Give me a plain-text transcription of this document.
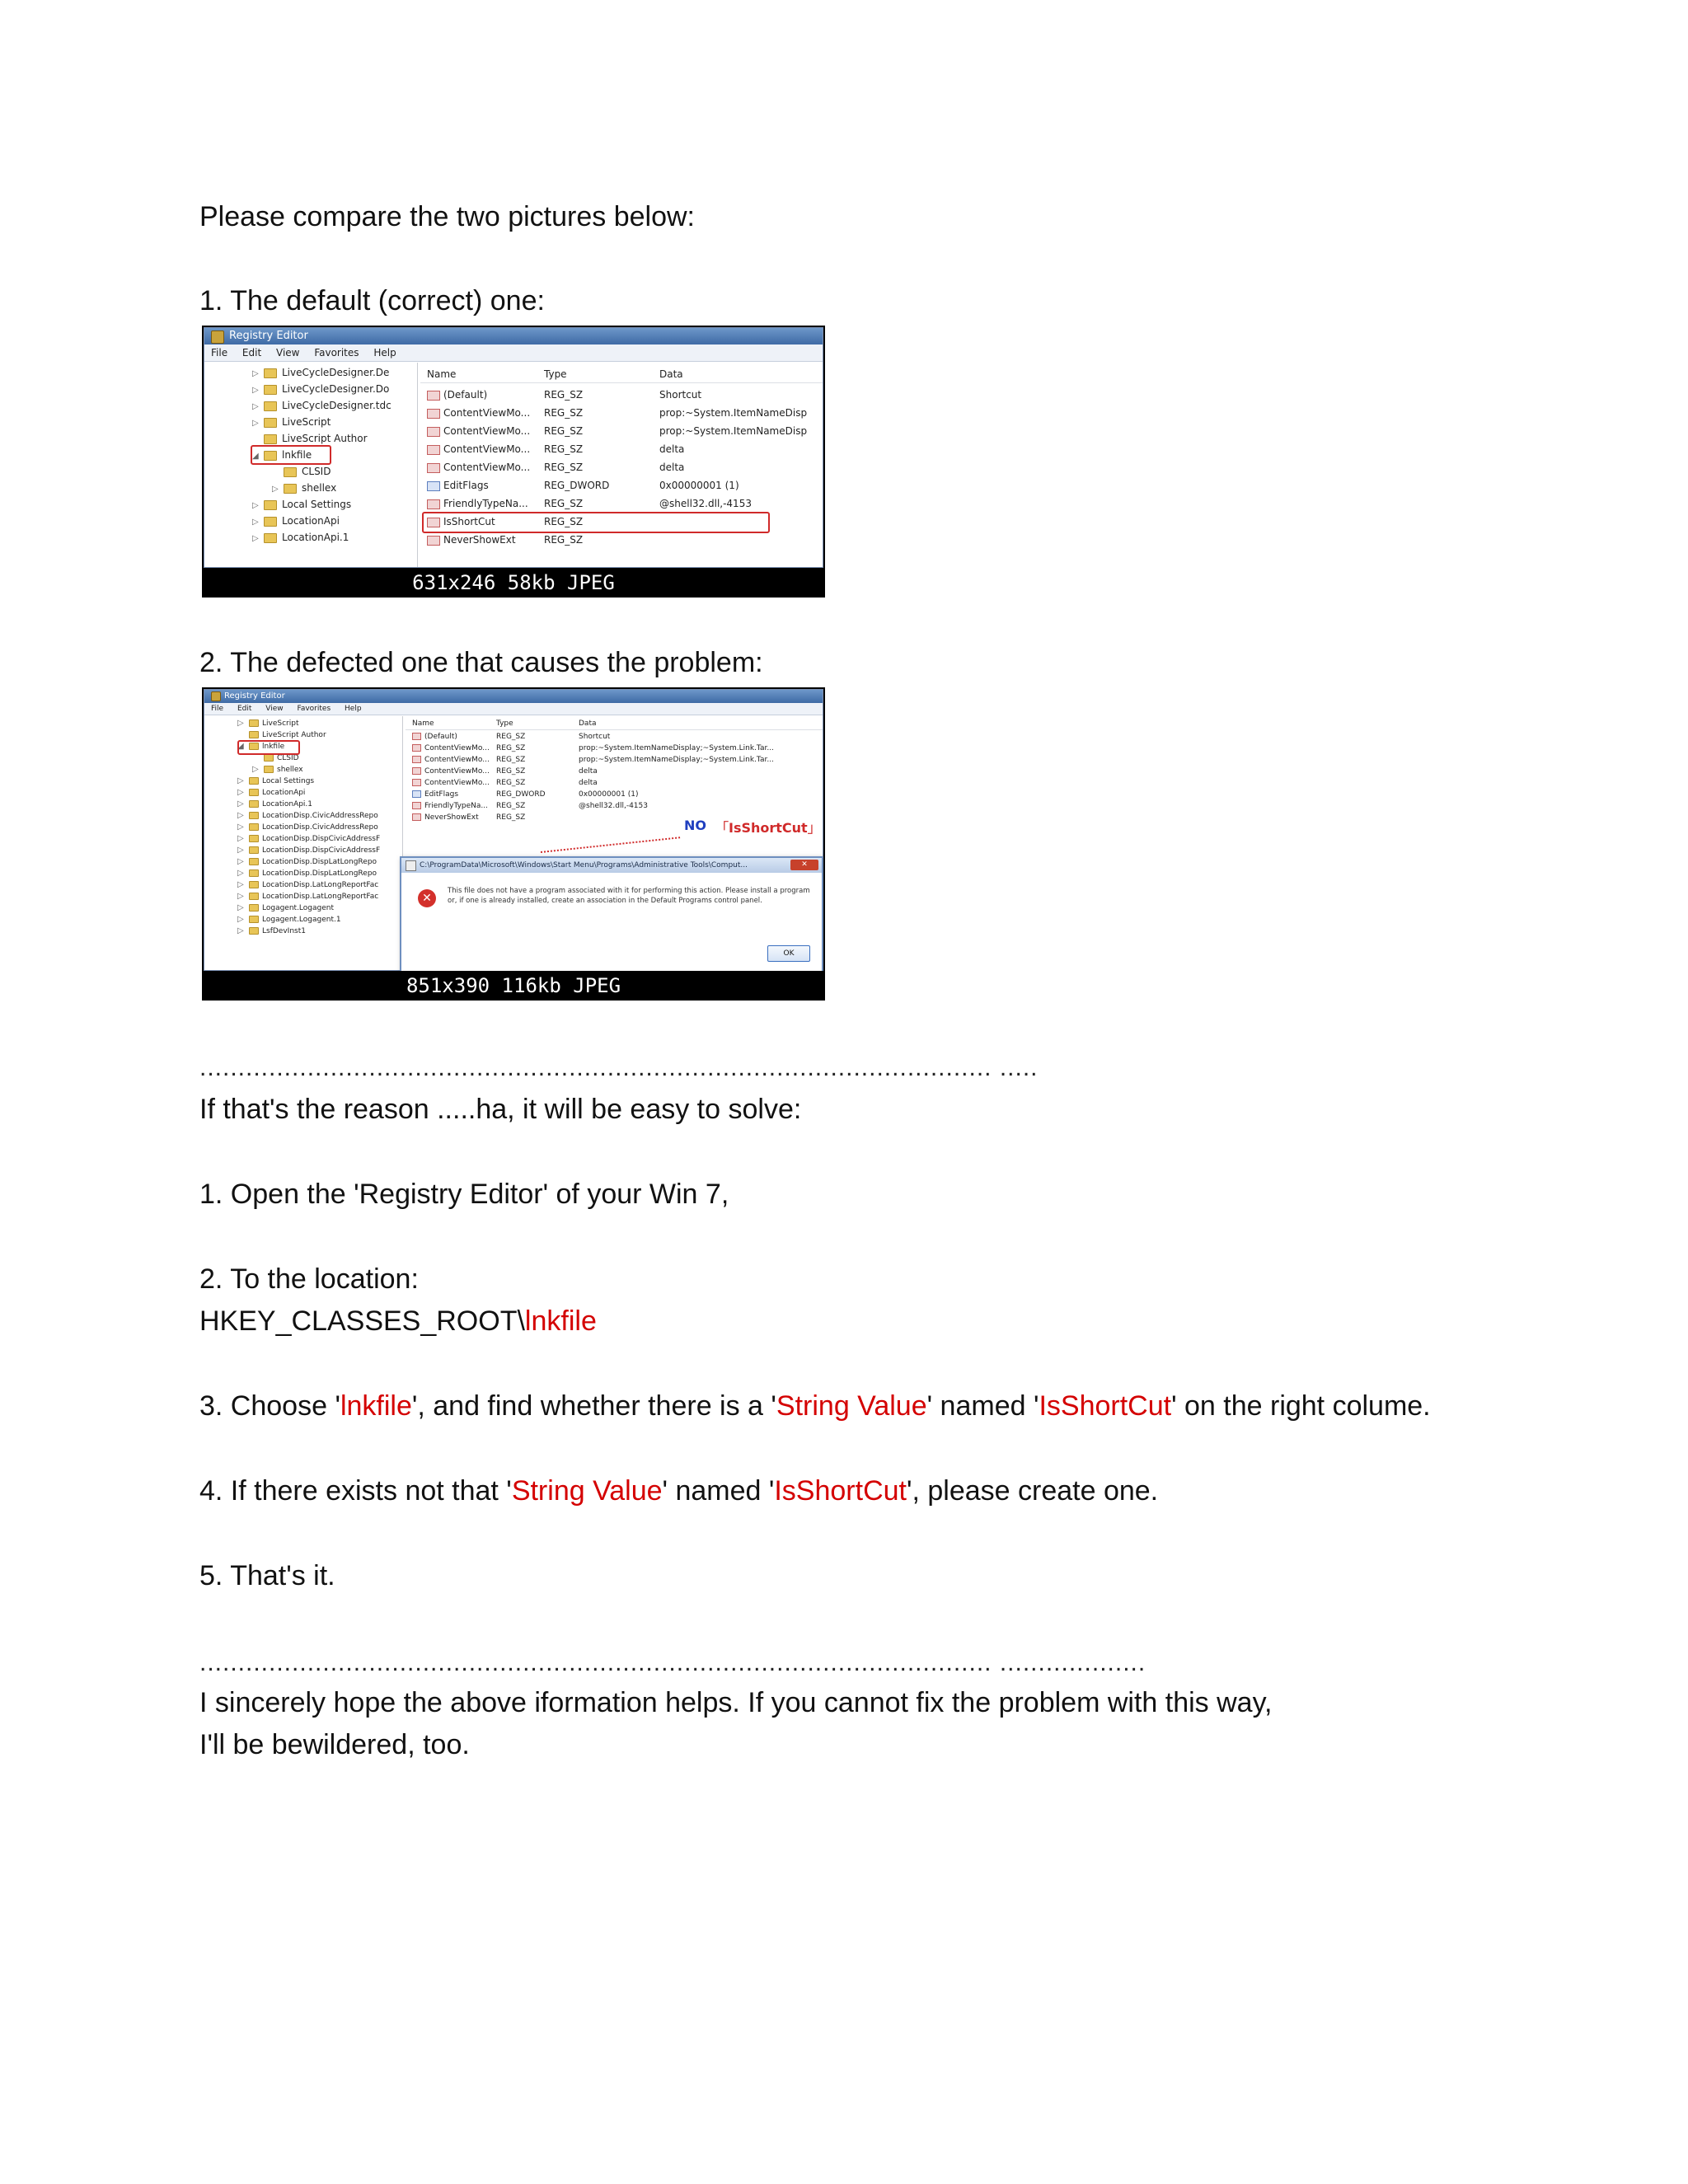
Please compare the two pictures below:
1. The default (correct) one:
Registry Editor
File Edit View Favorites Help
▷ LiveCycleDesigner.De
▷ LiveCycleDesigner.Do
▷ LiveCycleDesigner.tdc
▷ LiveScript
LiveScript Author
◢ lnkfile
CLSID
▷ shellex
▷ Local Settings
▷ LocationApi
▷ LocationApi.1
Name	Type	Data
(Default)	REG_SZ	Shortcut
ContentViewMo... REG_SZ	prop:~System.ItemNameDisp
ContentViewMo... REG_SZ	prop:~System.ItemNameDisp
ContentViewMo... REG_SZ	delta
ContentViewMo... REG_SZ	delta
EditFlags	REG_DWORD	0x00000001 (1)
FriendlyTypeNa... REG_SZ	@shell32.dll,-4153
IsShortCut	REG_SZ
NeverShowExt	REG_SZ
631x246 58kb JPEG
2. The defected one that causes the problem:
Registry Editor
File Edit View Favorites Help
▷ LiveScript
LiveScript Author
◢ lnkfile
CLSID
▷ shellex
▷ Local Settings
▷ LocationApi
▷ LocationApi.1
▷ LocationDisp.CivicAddressRepo
▷ LocationDisp.CivicAddressRepo
▷ LocationDisp.DispCivicAddressF
▷ LocationDisp.DispCivicAddressF
▷ LocationDisp.DispLatLongRepo
▷ LocationDisp.DispLatLongRepo
▷ LocationDisp.LatLongReportFac
▷ LocationDisp.LatLongReportFac
▷ Logagent.Logagent
▷ Logagent.Logagent.1
▷ LsfDevInst1
Name	Type	Data
(Default)	REG_SZ	Shortcut
ContentViewMo... REG_SZ	prop:~System.ItemNameDisplay;~System.Link.Tar...
ContentViewMo... REG_SZ	prop:~System.ItemNameDisplay;~System.Link.Tar...
ContentViewMo... REG_SZ	delta
ContentViewMo... REG_SZ	delta
EditFlags	REG_DWORD	0x00000001 (1)
FriendlyTypeNa... REG_SZ	@shell32.dll,-4153
NeverShowExt REG_SZ	NO 「IsShortCut」
C:\ProgramData\Microsoft\Windows\Start Menu\Programs\Administrative Tools\Comput...	✕
✕
This file does not have a program associated with it for performing this action. Please install a program or, if one is already installed, create an association in the Default Programs control panel.
OK
851x390 116kb JPEG
....................................................................................................... .....
If that's the reason .....ha, it will be easy to solve:
1. Open the 'Registry Editor' of your Win 7,
2. To the location:
HKEY_CLASSES_ROOT\lnkfile
3. Choose 'lnkfile', and find whether there is a 'String Value' named 'IsShortCut' on the right colume.
4. If there exists not that 'String Value' named 'IsShortCut', please create one.
5. That's it.
....................................................................................................... ...................
I sincerely hope the above iformation helps. If you cannot fix the problem with this way,
I'll be bewildered, too.
